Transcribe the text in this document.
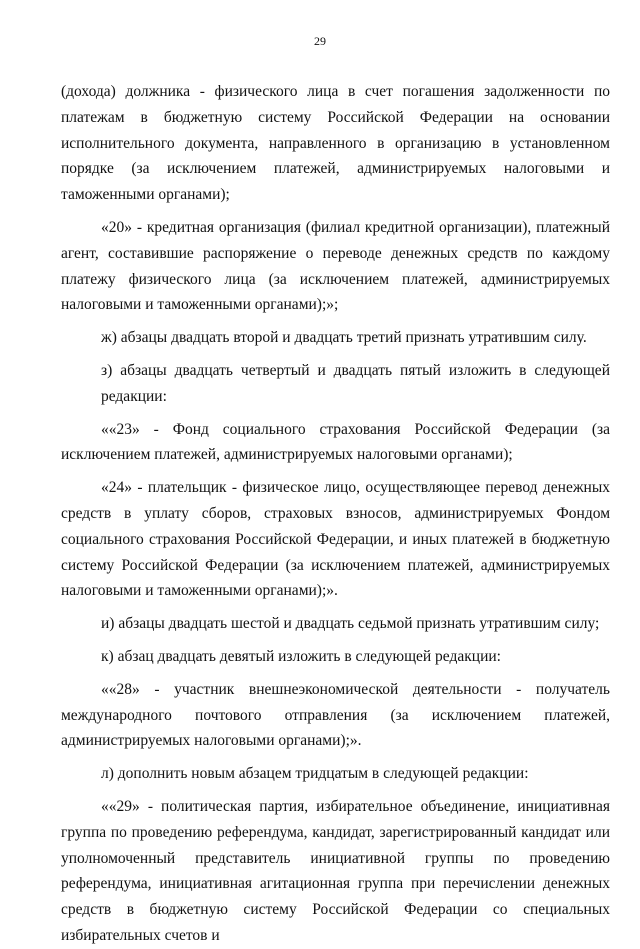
29

(дохода) должника - физического лица в счет погашения задолженности по платежам в бюджетную систему Российской Федерации на основании исполнительного документа, направленного в организацию в установленном порядке (за исключением платежей, администрируемых налоговыми и таможенными органами);

«20» - кредитная организация (филиал кредитной организации), платежный агент, составившие распоряжение о переводе денежных средств по каждому платежу физического лица (за исключением платежей, администрируемых налоговыми и таможенными органами);»;

ж) абзацы двадцать второй и двадцать третий признать утратившим силу.

з) абзацы двадцать четвертый и двадцать пятый изложить в следующей редакции:

««23» - Фонд социального страхования Российской Федерации (за исключением платежей, администрируемых налоговыми органами);

«24» - плательщик - физическое лицо, осуществляющее перевод денежных средств в уплату сборов, страховых взносов, администрируемых Фондом социального страхования Российской Федерации, и иных платежей в бюджетную систему Российской Федерации (за исключением платежей, администрируемых налоговыми и таможенными органами);».

и) абзацы двадцать шестой и двадцать седьмой признать утратившим силу;

к) абзац двадцать девятый изложить в следующей редакции:

««28» - участник внешнеэкономической деятельности - получатель международного почтового отправления (за исключением платежей, администрируемых налоговыми органами);».

л) дополнить новым абзацем тридцатым в следующей редакции:

««29» - политическая партия, избирательное объединение, инициативная группа по проведению референдума, кандидат, зарегистрированный кандидат или уполномоченный представитель инициативной группы по проведению референдума, инициативная агитационная группа при перечислении денежных средств в бюджетную систему Российской Федерации со специальных избирательных счетов и
